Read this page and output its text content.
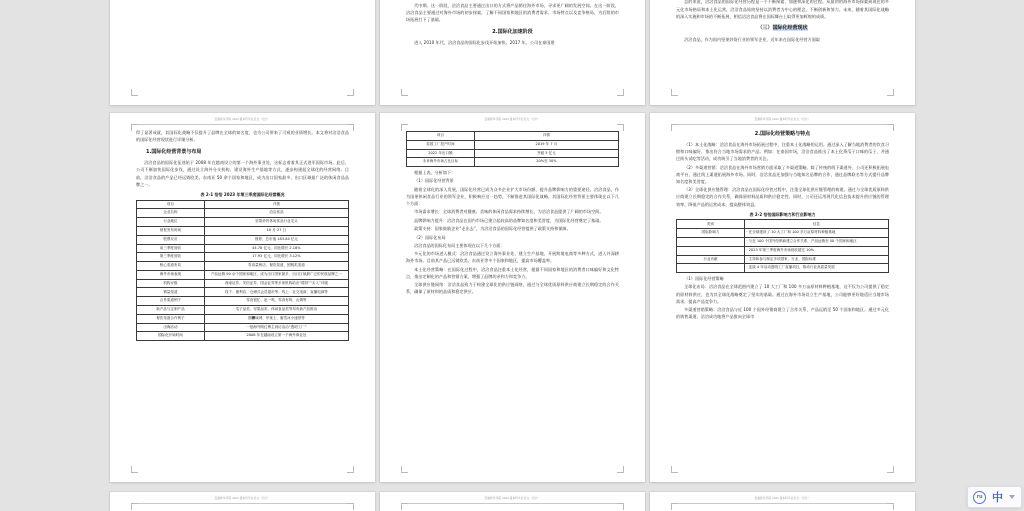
代中期。这一阶段，洽洽食品主要通过出口的方式将产品销往海外市场，寻求更广阔的发展空间。在这一阶段，洽洽食品主要通过对海外市场的初步探索，了解不同国家和地区的消费者需求、市场特点以及竞争格局，为后续的市场拓展打下了基础。

2.国际化加速阶段

进入 2010 年代，洽洽食品的国际化步伐开始加快。2017 年，公司在泰国建

总的来说，洽洽食品的国际化经营历程是一个不断探索、加速和深化的过程。从最初的海外市场探索到现在的多元化市场格局和本土化运营，洽洽食品始终坚持以消费者为中心的理念，不断创新和努力。未来，随着其国际化战略的深入实施和市场的不断拓展，相信洽洽食品将在国际舞台上取得更加辉煌的成绩。

（三）国际化经营现状

洽洽食品，作为国内坚果炒货行业的领军企业，近年来在国际化经营方面取

安徽新华学院 2024 届本科毕业论文（设计）

得了显著成就，其国际化战略不仅提升了品牌在全球的知名度，也为公司带来了可观的业绩增长。本文将对洽洽食品的国际化经营现状进行详细分析。

1.国际化经营背景与布局

洽洽食品的国际化征途始于 2008 年在越南设立的第一个海外事业处，这标志着着其正式进军国际市场。此后，公司不断加快国际化步伐，通过设立海外分支机构、建设海外生产基地等方式，逐步构建起全球化的经营网络。目前，洽洽食品的产品已经远销欧美、东南亚 50 余个国家和地区，成为出口国家最多、出口区域最广泛的休闲食品品牌之一。

表 2-1 恰恰 2023 年第三季度国际化经营概况
项目	详情
企业名称	洽洽食品
行业地位	坚果炒货休闲食品行业龙头
财报发布时间	10 月 27 日
股票反应	涨停，总市值 183.84 亿元
前三季度营收	44.78 亿元，同比增长 2.18%
第三季度营收	17.93 亿元，同比增长 3.12%
核心渠道布局	零食量贩店、餐饮渠道、团购类渠道
海外市场表现	产品远销 50 余个国家和地区，成为出口国家最多、出口区域最广泛的民族品牌之一
机构评级	西南证券、安信证券、国金证券等多家机构给出“增持”“买入”评级
销量渠道	线下：便利店、仓储式会员超市等；线上：社交电商、直播电商等
合作渠道例子	零食很忙、赵一鸣、零食有鸣、山姆等
新产品与定制产品	瓜子品类、坚果品类、休闲食品类等均有新产品推出
餐饮渠道合作例子	圆঒域城、华莱士、蜜雪冰小速馆等
出海活动	一批海外网红博主到访洽洽“透明工厂”
国际化开始时间	2008 年在越南设立第一个海外事业处
安徽新华学院 2024 届本科毕业论文（设计）
项目	详情
泰国工厂投产时间	2019 年 7 月
2022 年出口额	突破 5 亿元
未来海外市场占比目标	20%至 30%

根据上表，分析如下：

（1）国际化经营背景

随着全球化的深入发展，国际化经营已成为众多企业扩大市场份额、提升品牌影响力的重要途径。洽洽食品，作为国果休闲食品行业的领军企业，积极响应这一趋势，不断推进其国际化战略。其国际化经营背景主要体现在以下几个方面：

市场需求增长：全球消费者对健康、美味的休闲食品需求持续增长，为洽洽食品提供了广阔的市场空间。

品牌影响力提升：洽洽食品在国内市场已建立起较高的品牌知名度和美誉度，为国际化经营奠定了基础。

政策支持：国家鼓励企业“走出去”，为洽洽食品的国际化经营提供了政策支持和保障。

（2）国际化布局

洽洽食品的国际化布局主要体现在以下几个方面：

多元化的市场进入模式：洽洽食品通过设立海外事业处、建立生产基地、开展跨境电商等多种方式，进入并深耕海外市场。目前其产品已远销欧美、东南亚等多个国家和地区，提高市场覆盖率。

本土化经营策略：在国际化过程中，洽洽食品注重本土化经营，根据不同国家和地区的消费者口味偏好和文化特点，推出定制化的产品和营销方案，增强了品牌的亲和力和竞争力。

全球供应链网络：洽洽食品致力于构建全球化的供应链网络，通过与全球优质原料供应商建立长期稳定的合作关系，确保了原材料的品质和稳定供应。

安徽新华学院 2024 届本科毕业论文（设计）
2.国际化经营策略与特点

（1）本土化战略：洽洽食品在海外市场拓展过程中，注重本土化战略的运用。通过深入了解当地消费者的饮食习惯和口味偏好，推出符合当地市场需求的产品。例如：在泰国市场，洽洽食品推出了本土化葵瓜子口味的瓜子，并通过街头试吃等活动，成功吸引了当地消费者的关注。

（2）多渠道营销：洽洽食品在海外市场营销方面采取了多渠道策略。除了传统的线下渠道外，公司还积极拓展电商平台，通过线上渠道拓展海外市场。同时，洽洽食品还加强与当地知名品牌的合作，通过品牌联名等方式提升品牌知名度和美誉度。

（3）全球化供应链管理：洽洽食品在国际化经营过程中，注重全球化供应链管理的构建。通过与全球优质原料供应商建立长期稳定的合作关系，确保原材料品质和供应稳定性。同时，公司还运用现代化信息技术提升供应链的管理效率，降低产品的运营成本，提高整体效益。

表 2-2 恰恰国际影响力和行业影响力
类别	信息
国际影响力	· 在全球建设了 10 大工厂和 100 多万亩原材料种植基地
	· 与近 100 个国外经销商建立合作关系，产品远销至 50 个国家和地区
	· 2023 年第三季度海外市场营收超过 10%
行业贡献	· 主持和参与制定多项国家、行业、国际标准
	· 连续 4 年启动透明工厂直播项目，推动行业高质量发展

（1）国际化经营策略

全球化布局：洽洽食品在全球范围内建立了 10 大工厂和 100 多万亩原材料种植基地，这不仅为公司提供了稳定的原材料供应，也为其全球化战略奠定了坚实的基础。通过在海外市场设立生产基地，公司能够更好地适应当地市场需求，提高产品竞争力。

多渠道营销策略：洽洽食品与近 100 个国外经销商建立了合作关系，产品远销至 50 个国家和地区。通过多元化的销售渠道，洽洽成功地将产品推向全球市

安徽新华学院 2024 届本科毕业论文（设计）	安徽新华学院 2024 届本科毕业论文（设计）	安徽新华学院 2024 届本科毕业论文（设计）	ru 中
